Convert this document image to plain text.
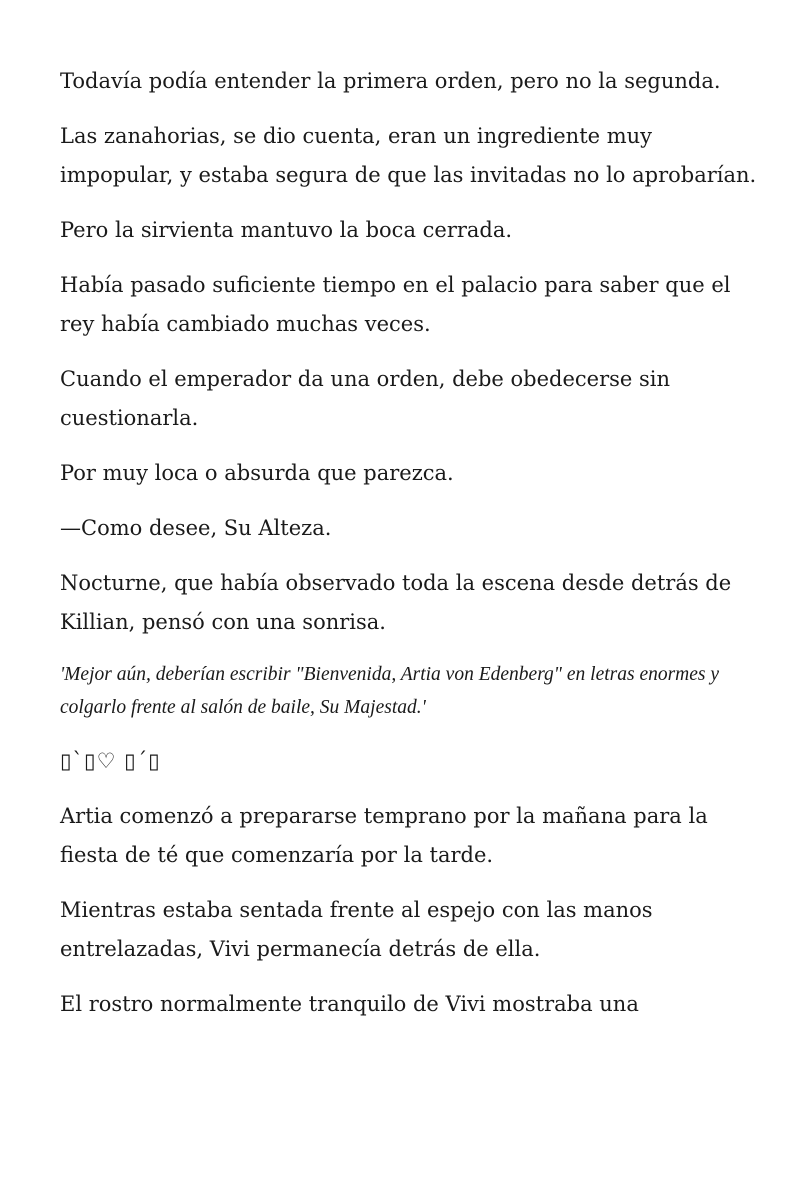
Todavía podía entender la primera orden, pero no la segunda.

Las zanahorias, se dio cuenta, eran un ingrediente muy impopular, y estaba segura de que las invitadas no lo aprobarían.

Pero la sirvienta mantuvo la boca cerrada.

Había pasado suficiente tiempo en el palacio para saber que el rey había cambiado muchas veces.

Cuando el emperador da una orden, debe obedecerse sin cuestionarla.

Por muy loca o absurda que parezca.

—Como desee, Su Alteza.

Nocturne, que había observado toda la escena desde detrás de Killian, pensó con una sonrisa.

'Mejor aún, deberían escribir "Bienvenida, Artia von Edenberg" en letras enormes y colgarlo frente al salón de baile, Su Majestad.'

▯`▯♡ ▯´▯

Artia comenzó a prepararse temprano por la mañana para la fiesta de té que comenzaría por la tarde.

Mientras estaba sentada frente al espejo con las manos entrelazadas, Vivi permanecía detrás de ella.

El rostro normalmente tranquilo de Vivi mostraba una
